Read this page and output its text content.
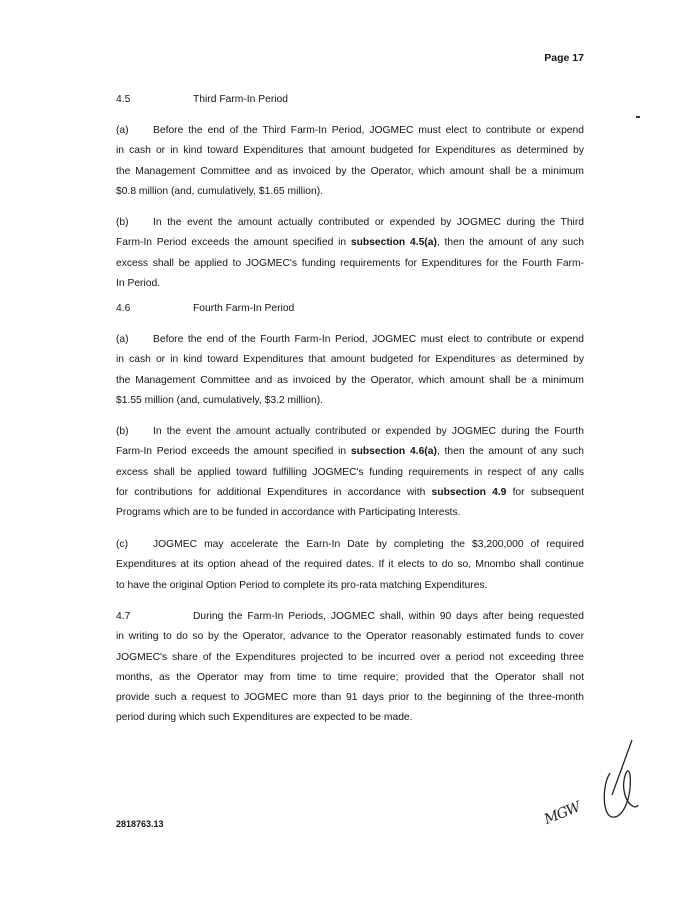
Page 17
4.5	Third Farm-In Period
(a) Before the end of the Third Farm-In Period, JOGMEC must elect to contribute or expend
in cash or in kind toward Expenditures that amount budgeted for Expenditures as determined by
the Management Committee and as invoiced by the Operator, which amount shall be a minimum
$0.8 million (and, cumulatively, $1.65 million).
(b) In the event the amount actually contributed or expended by JOGMEC during the Third
Farm-In Period exceeds the amount specified in subsection 4.5(a), then the amount of any such
excess shall be applied to JOGMEC's funding requirements for Expenditures for the Fourth Farm-
In Period.
4.6	Fourth Farm-In Period
(a) Before the end of the Fourth Farm-In Period, JOGMEC must elect to contribute or expend
in cash or in kind toward Expenditures that amount budgeted for Expenditures as determined by
the Management Committee and as invoiced by the Operator, which amount shall be a minimum
$1.55 million (and, cumulatively, $3.2 million).
(b) In the event the amount actually contributed or expended by JOGMEC during the Fourth
Farm-In Period exceeds the amount specified in subsection 4.6(a), then the amount of any such
excess shall be applied toward fulfilling JOGMEC's funding requirements in respect of any calls
for contributions for additional Expenditures in accordance with subsection 4.9 for subsequent
Programs which are to be funded in accordance with Participating Interests.
(c) JOGMEC may accelerate the Earn-In Date by completing the $3,200,000 of required
Expenditures at its option ahead of the required dates. If it elects to do so, Mnombo shall continue
to have the original Option Period to complete its pro-rata matching Expenditures.
4.7	During the Farm-In Periods, JOGMEC shall, within 90 days after being requested
in writing to do so by the Operator, advance to the Operator reasonably estimated funds to cover
JOGMEC's share of the Expenditures projected to be incurred over a period not exceeding three
months, as the Operator may from time to time require; provided that the Operator shall not
provide such a request to JOGMEC more than 91 days prior to the beginning of the three-month
period during which such Expenditures are expected to be made.
2818763.13	MGW
